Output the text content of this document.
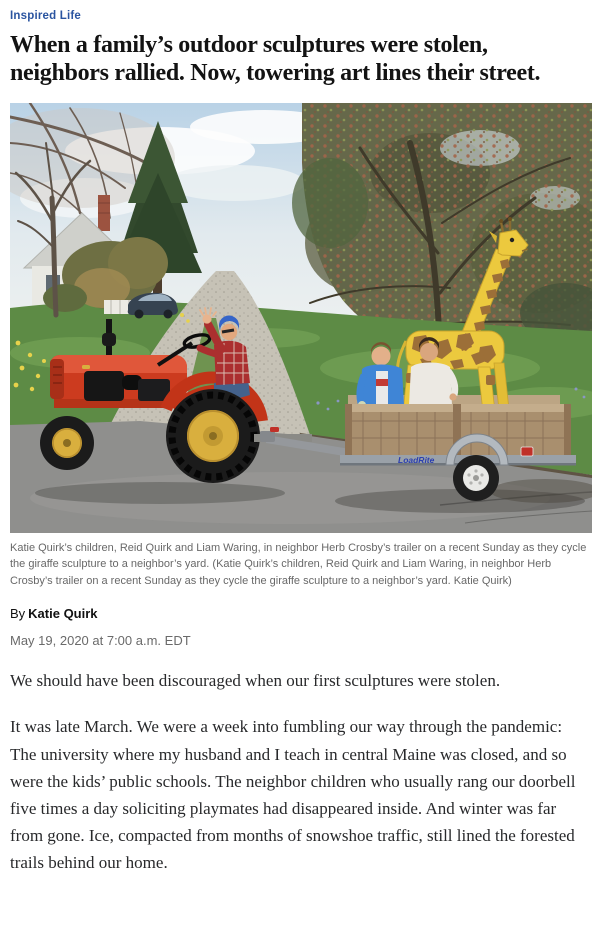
Inspired Life
When a family’s outdoor sculptures were stolen, neighbors rallied. Now, towering art lines their street.
LoadRite
Katie Quirk’s children, Reid Quirk and Liam Waring, in neighbor Herb Crosby’s trailer on a recent Sunday as they cycle the giraffe sculpture to a neighbor’s yard. (Katie Quirk’s children, Reid Quirk and Liam Waring, in neighbor Herb Crosby’s trailer on a recent Sunday as they cycle the giraffe sculpture to a neighbor’s yard. Katie Quirk)
By Katie Quirk
May 19, 2020 at 7:00 a.m. EDT

We should have been discouraged when our first sculptures were stolen.

It was late March. We were a week into fumbling our way through the pandemic: The university where my husband and I teach in central Maine was closed, and so were the kids’ public schools. The neighbor children who usually rang our doorbell five times a day soliciting playmates had disappeared inside. And winter was far from gone. Ice, compacted from months of snowshoe traffic, still lined the forested trails behind our home.
